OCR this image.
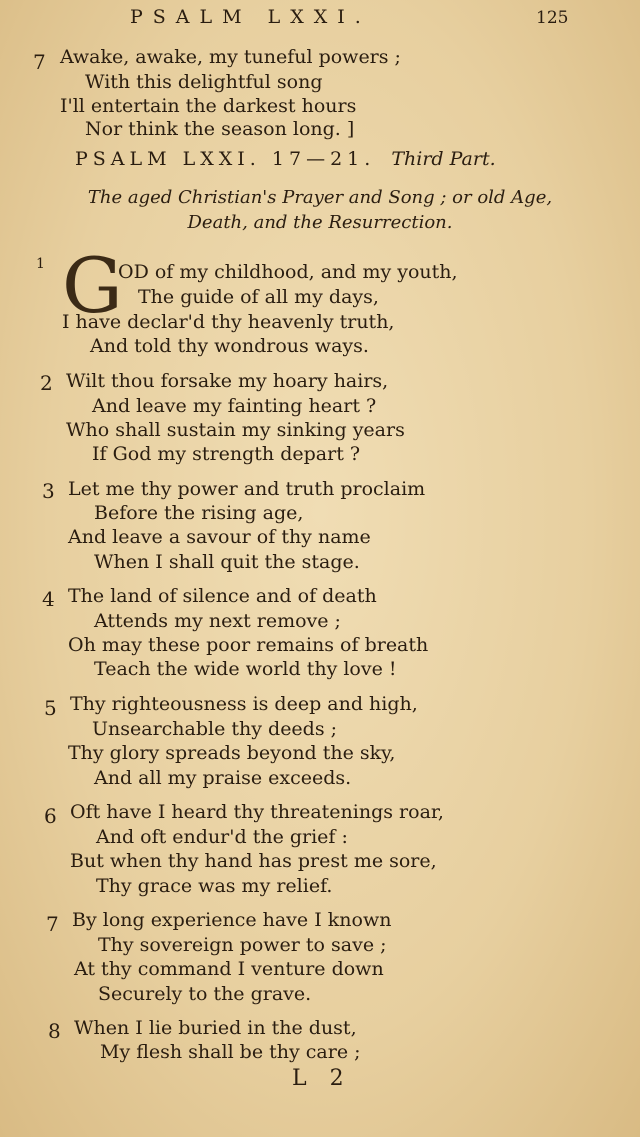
PSALM LXXI.	125
7 Awake, awake, my tuneful powers ;
With this delightful song
I'll entertain the darkest hours
Nor think the season long. ]
PSALM LXXI. 17—21. Third Part.
The aged Christian's Prayer and Song ; or old Age,
Death, and the Resurrection.
1 G
OD of my childhood, and my youth,
The guide of all my days,
I have declar'd thy heavenly truth,
And told thy wondrous ways.
2 Wilt thou forsake my hoary hairs,
And leave my fainting heart ?
Who shall sustain my sinking years
If God my strength depart ?
3 Let me thy power and truth proclaim
Before the rising age,
And leave a savour of thy name
When I shall quit the stage.
4 The land of silence and of death
Attends my next remove ;
Oh may these poor remains of breath
Teach the wide world thy love !
5 Thy righteousness is deep and high,
Unsearchable thy deeds ;
Thy glory spreads beyond the sky,
And all my praise exceeds.
6 Oft have I heard thy threatenings roar,
And oft endur'd the grief :
But when thy hand has prest me sore,
Thy grace was my relief.
7 By long experience have I known
Thy sovereign power to save ;
At thy command I venture down
Securely to the grave.
8 When I lie buried in the dust,
My flesh shall be thy care ;
L 2
